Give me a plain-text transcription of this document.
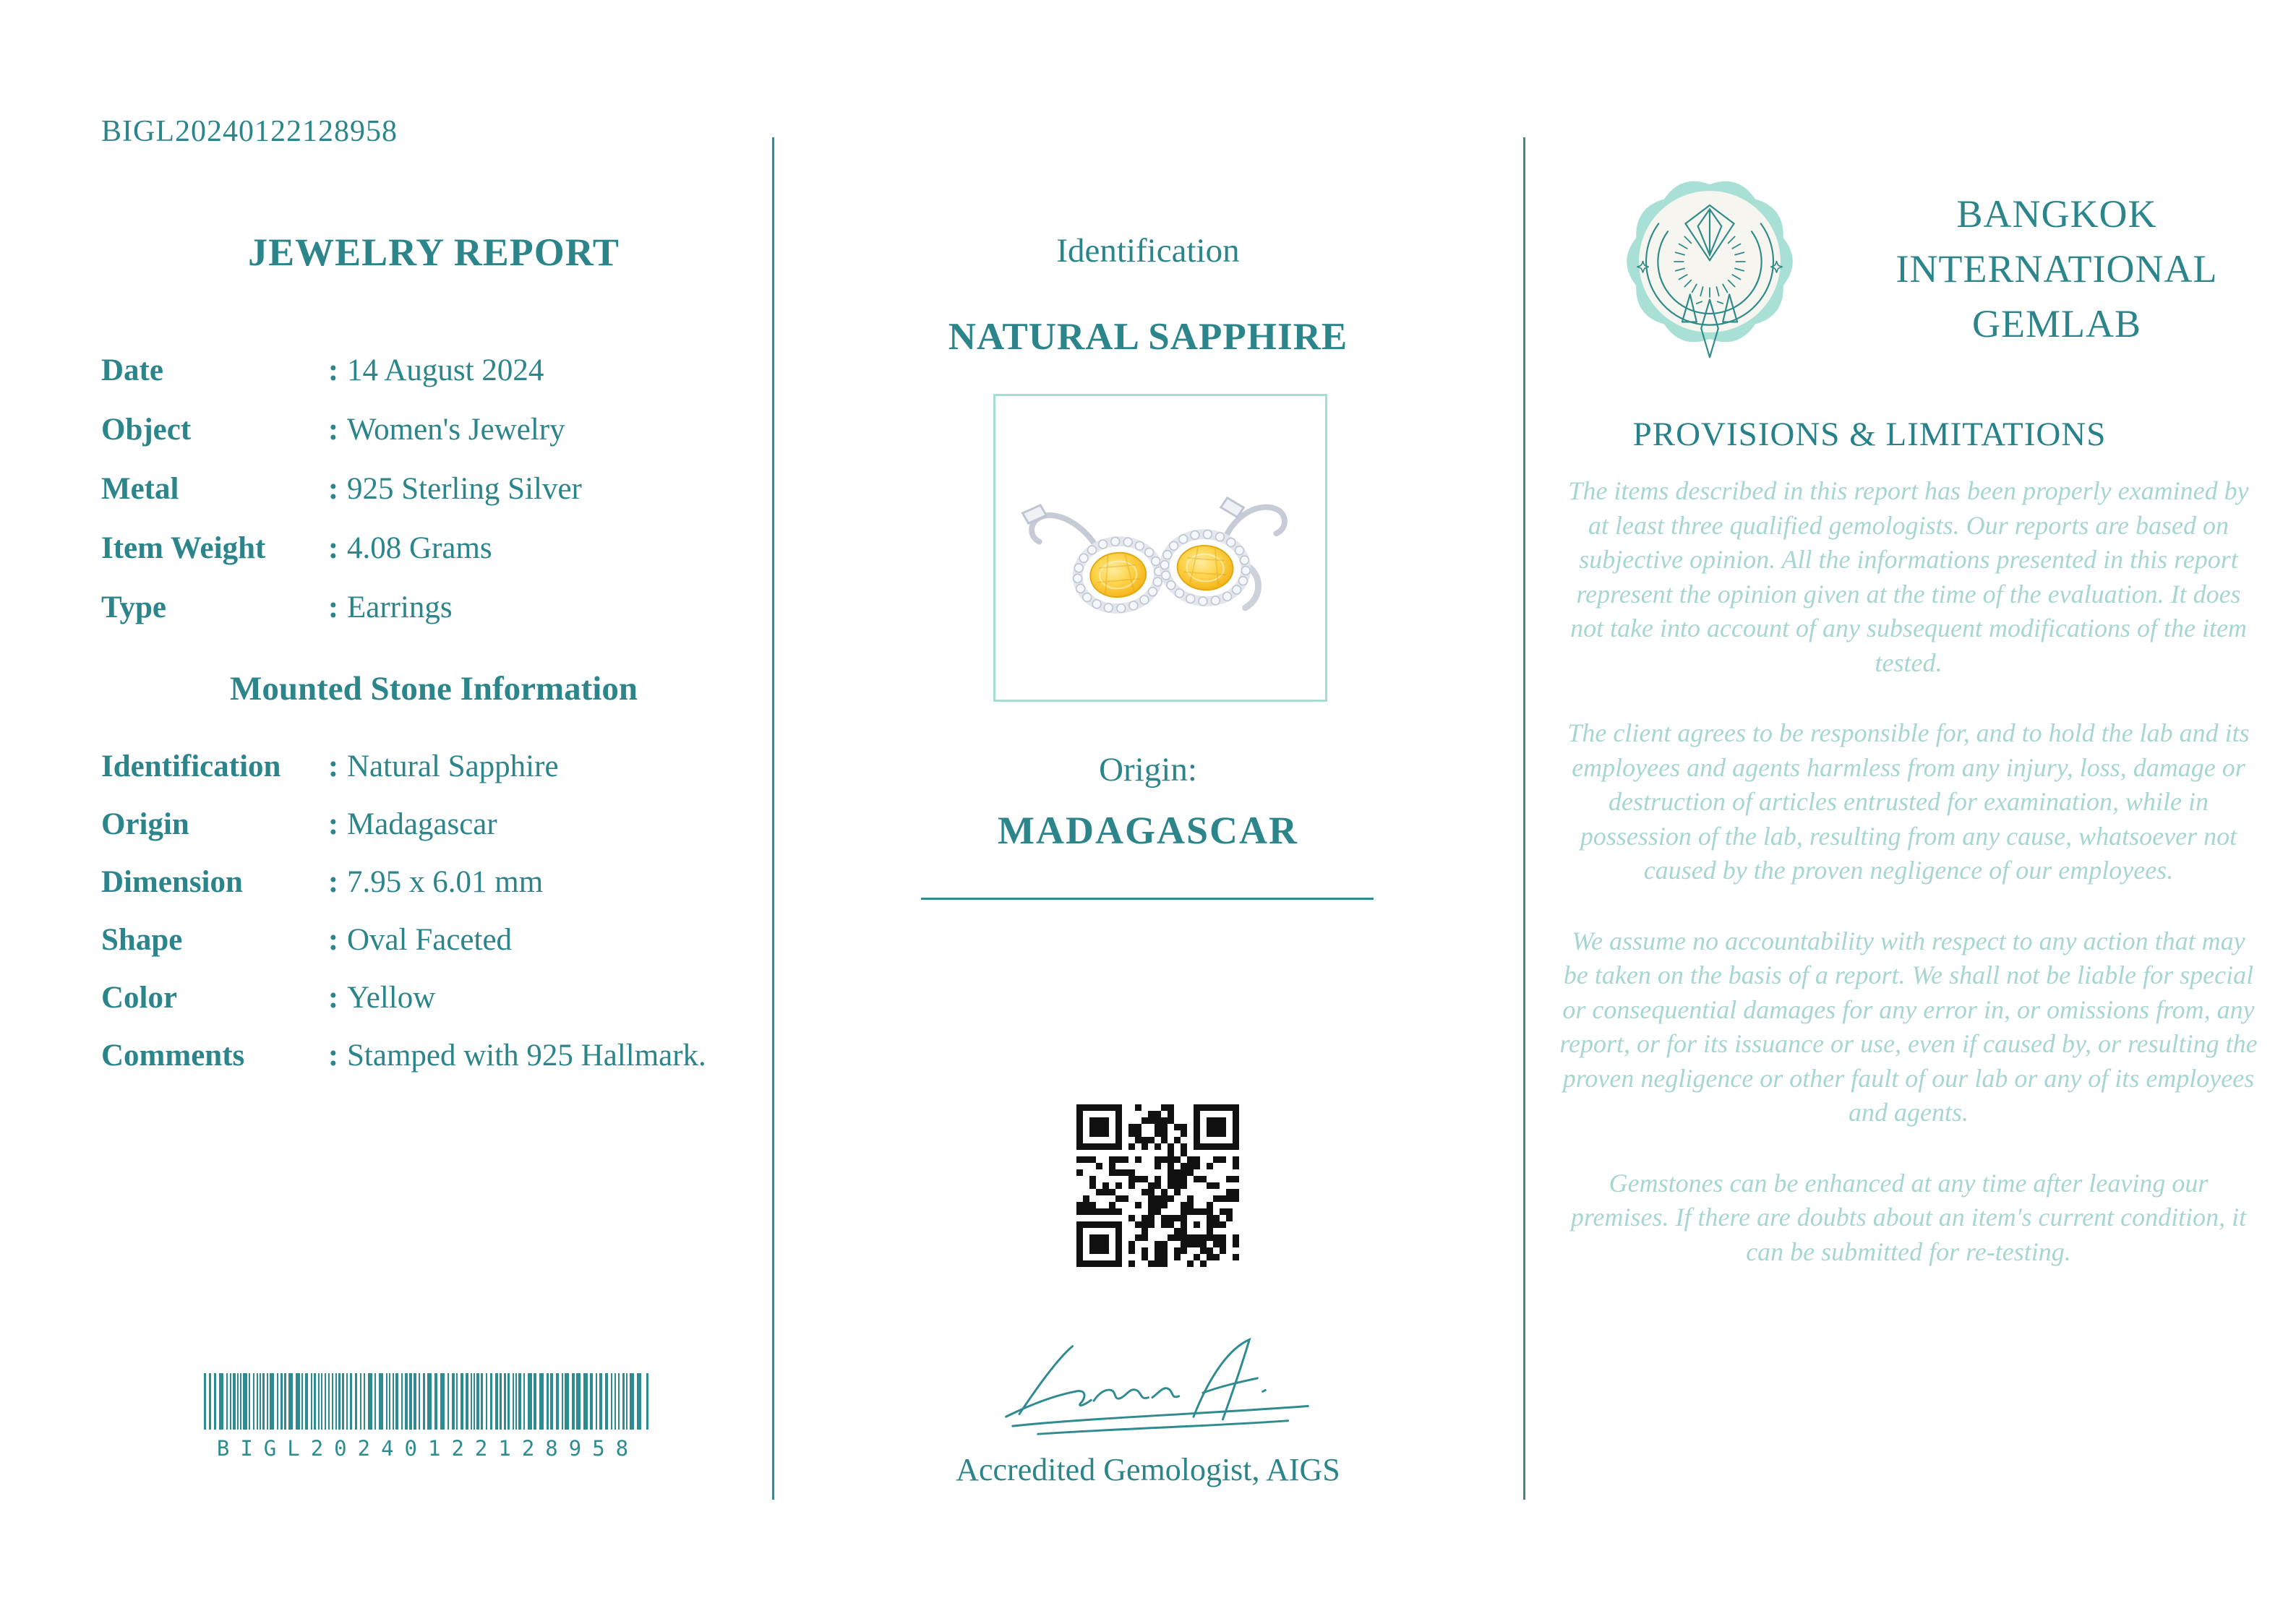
BIGL20240122128958
JEWELRY REPORT
Date	: 14 August 2024
Object	: Women's Jewelry
Metal	: 925 Sterling Silver
Item Weight	: 4.08 Grams
Type	: Earrings
Mounted Stone Information
Identification	: Natural Sapphire
Origin	: Madagascar
Dimension	: 7.95 x 6.01 mm
Shape	: Oval Faceted
Color	: Yellow
Comments	: Stamped with 925 Hallmark.
BIGL20240122128958
Identification
NATURAL SAPPHIRE
Origin:
MADAGASCAR
Accredited Gemologist, AIGS
BANGKOK
INTERNATIONAL
GEMLAB
PROVISIONS & LIMITATIONS

The items described in this report has been properly examined by at least three qualified gemologists. Our reports are based on subjective opinion. All the informations presented in this report represent the opinion given at the time of the evaluation. It does not take into account of any subsequent modifications of the item tested.

The client agrees to be responsible for, and to hold the lab and its employees and agents harmless from any injury, loss, damage or destruction of articles entrusted for examination, while in possession of the lab, resulting from any cause, whatsoever not caused by the proven negligence of our employees.

We assume no accountability with respect to any action that may be taken on the basis of a report. We shall not be liable for special or consequential damages for any error in, or omissions from, any report, or for its issuance or use, even if caused by, or resulting the proven negligence or other fault of our lab or any of its employees and agents.

Gemstones can be enhanced at any time after leaving our premises. If there are doubts about an item's current condition, it can be submitted for re-testing.
